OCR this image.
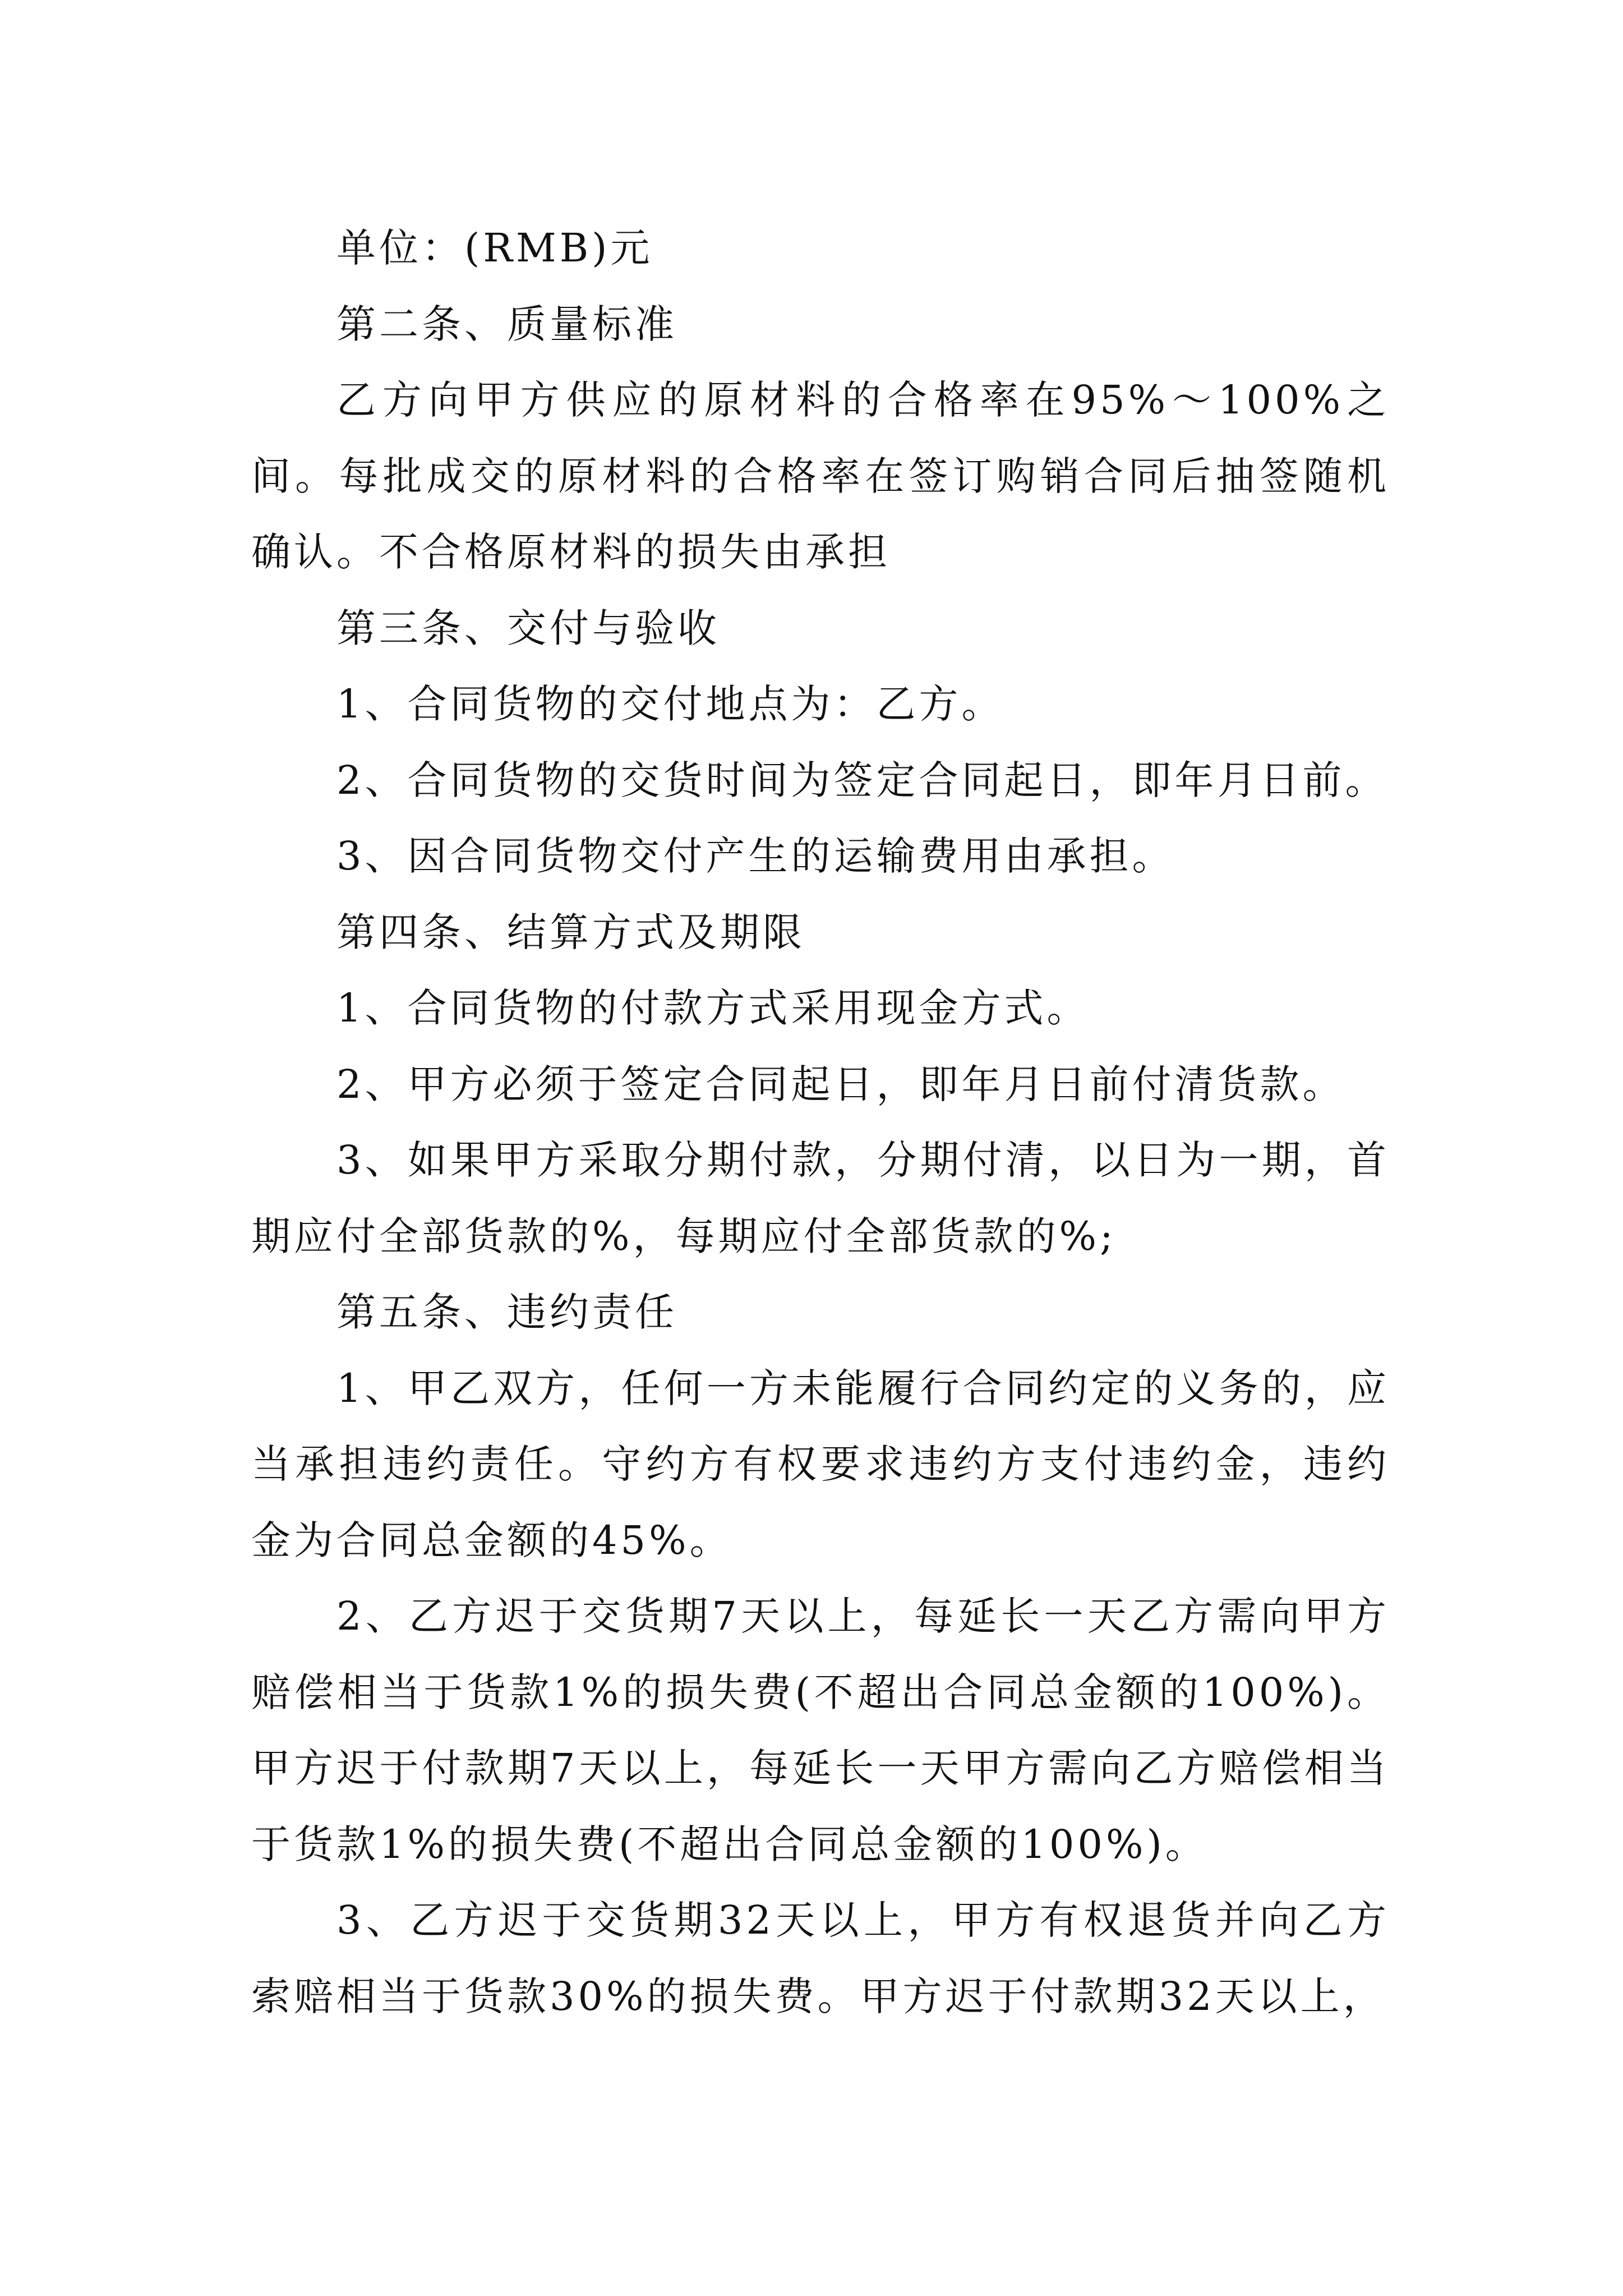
单位：(RMB)元

第二条、质量标准

乙方向甲方供应的原材料的合格率在95%～100%之间。每批成交的原材料的合格率在签订购销合同后抽签随机确认。不合格原材料的损失由承担

第三条、交付与验收

1、合同货物的交付地点为：乙方。

2、合同货物的交货时间为签定合同起日，即年月日前。

3、因合同货物交付产生的运输费用由承担。

第四条、结算方式及期限

1、合同货物的付款方式采用现金方式。

2、甲方必须于签定合同起日，即年月日前付清货款。

3、如果甲方采取分期付款，分期付清，以日为一期，首期应付全部货款的%，每期应付全部货款的%;

第五条、违约责任

1、甲乙双方，任何一方未能履行合同约定的义务的，应当承担违约责任。守约方有权要求违约方支付违约金，违约金为合同总金额的45%。

2、乙方迟于交货期7天以上，每延长一天乙方需向甲方赔偿相当于货款1%的损失费(不超出合同总金额的100%)。甲方迟于付款期7天以上，每延长一天甲方需向乙方赔偿相当于货款1%的损失费(不超出合同总金额的100%)。

3、乙方迟于交货期32天以上，甲方有权退货并向乙方索赔相当于货款30%的损失费。甲方迟于付款期32天以上，
